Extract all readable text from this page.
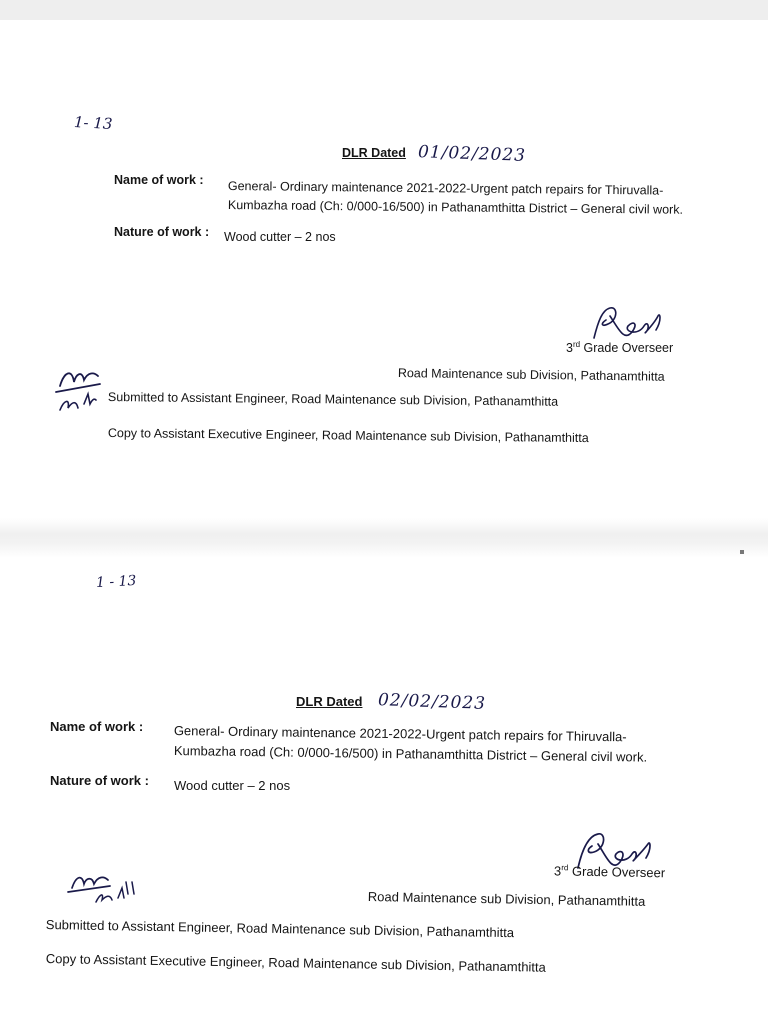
1- 13
DLR Dated 01/02/2023
Name of work : General- Ordinary maintenance 2021-2022-Urgent patch repairs for Thiruvalla-
Kumbazha road (Ch: 0/000-16/500) in Pathanamthitta District – General civil work.
Nature of work : Wood cutter – 2 nos
3rd Grade Overseer
Road Maintenance sub Division, Pathanamthitta
Submitted to Assistant Engineer, Road Maintenance sub Division, Pathanamthitta
Copy to Assistant Executive Engineer, Road Maintenance sub Division, Pathanamthitta
1 - 13
DLR Dated 02/02/2023
Name of work : General- Ordinary maintenance 2021-2022-Urgent patch repairs for Thiruvalla-
Kumbazha road (Ch: 0/000-16/500) in Pathanamthitta District – General civil work.
Nature of work : Wood cutter – 2 nos
3rd Grade Overseer
Road Maintenance sub Division, Pathanamthitta
Submitted to Assistant Engineer, Road Maintenance sub Division, Pathanamthitta
Copy to Assistant Executive Engineer, Road Maintenance sub Division, Pathanamthitta
